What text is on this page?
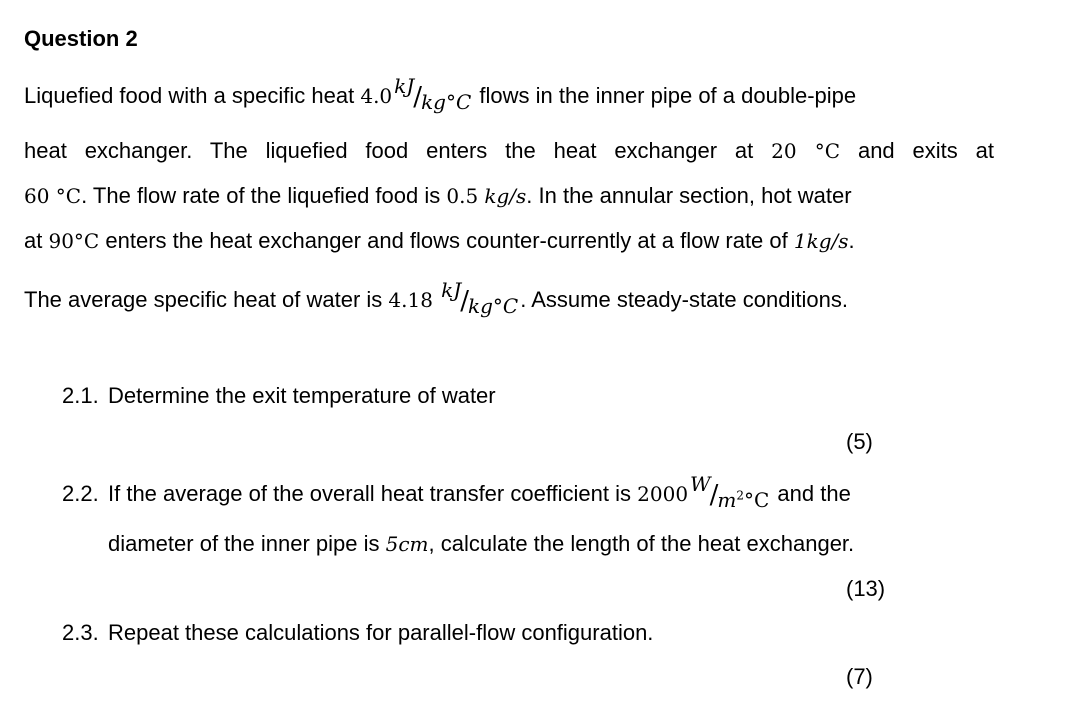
Question 2
Liquefied food with a specific heat 4.0 kJ/kg°C flows in the inner pipe of a double-pipe
heat exchanger. The liquefied food enters the heat exchanger at 20 °C and exits at
60 °C. The flow rate of the liquefied food is 0.5 kg/s. In the annular section, hot water
at 90°C enters the heat exchanger and flows counter-currently at a flow rate of 1kg/s.
The average specific heat of water is 4.18 kJ/kg°C. Assume steady-state conditions.
2.1. Determine the exit temperature of water
(5)
2.2. If the average of the overall heat transfer coefficient is 2000 $W/m^2^\circ C$ and the
diameter of the inner pipe is 5cm, calculate the length of the heat exchanger.
(13)
2.3. Repeat these calculations for parallel-flow configuration.
(7)
